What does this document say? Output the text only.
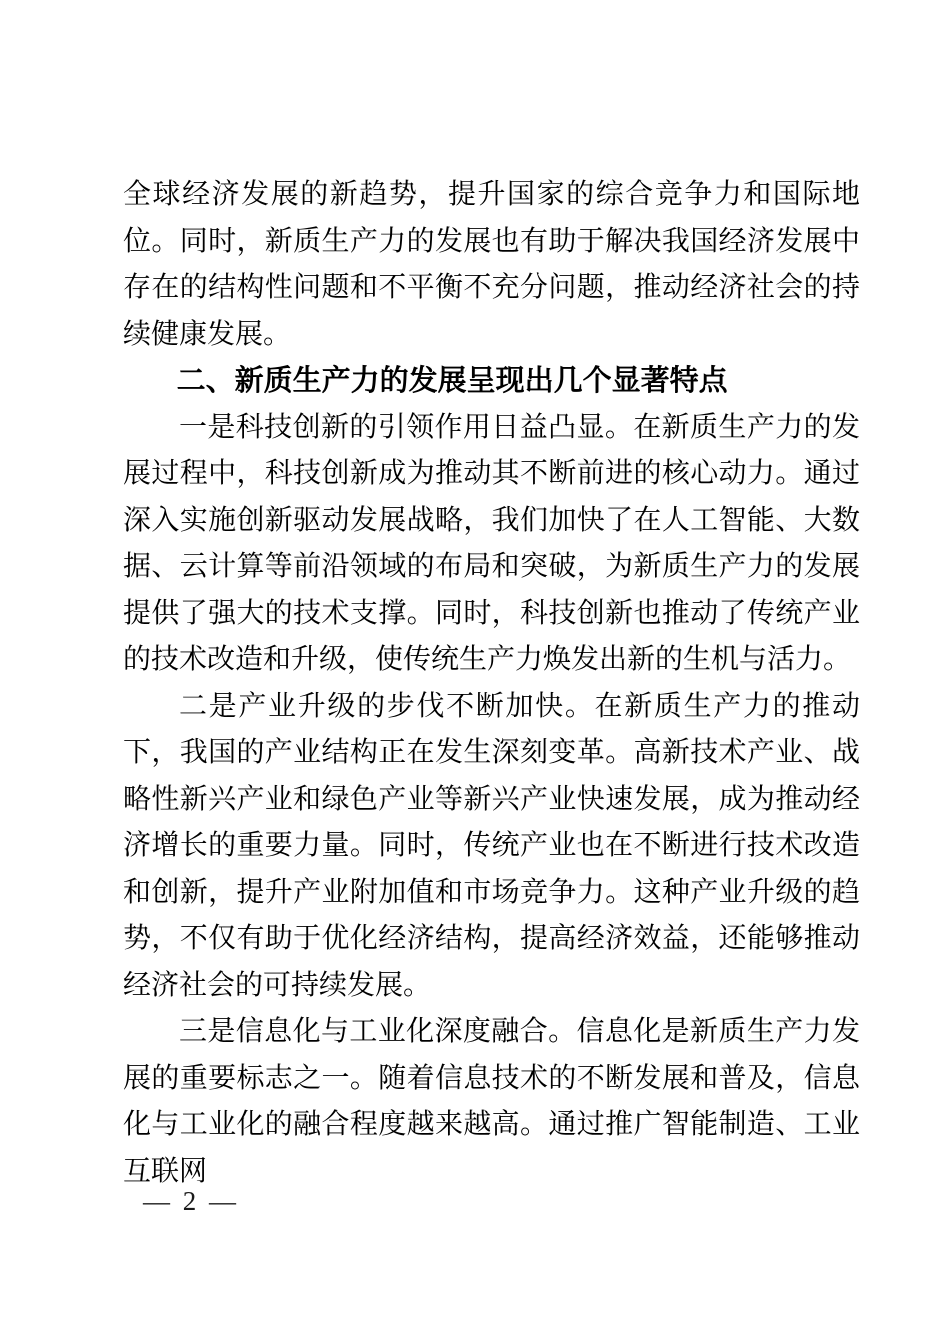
全球经济发展的新趋势，提升国家的综合竞争力和国际地位。同时，新质生产力的发展也有助于解决我国经济发展中存在的结构性问题和不平衡不充分问题，推动经济社会的持续健康发展。

二、新质生产力的发展呈现出几个显著特点

一是科技创新的引领作用日益凸显。在新质生产力的发展过程中，科技创新成为推动其不断前进的核心动力。通过深入实施创新驱动发展战略，我们加快了在人工智能、大数据、云计算等前沿领域的布局和突破，为新质生产力的发展提供了强大的技术支撑。同时，科技创新也推动了传统产业的技术改造和升级，使传统生产力焕发出新的生机与活力。

二是产业升级的步伐不断加快。在新质生产力的推动下，我国的产业结构正在发生深刻变革。高新技术产业、战略性新兴产业和绿色产业等新兴产业快速发展，成为推动经济增长的重要力量。同时，传统产业也在不断进行技术改造和创新，提升产业附加值和市场竞争力。这种产业升级的趋势，不仅有助于优化经济结构，提高经济效益，还能够推动经济社会的可持续发展。

三是信息化与工业化深度融合。信息化是新质生产力发展的重要标志之一。随着信息技术的不断发展和普及，信息化与工业化的融合程度越来越高。通过推广智能制造、工业互联网

— 2 —
